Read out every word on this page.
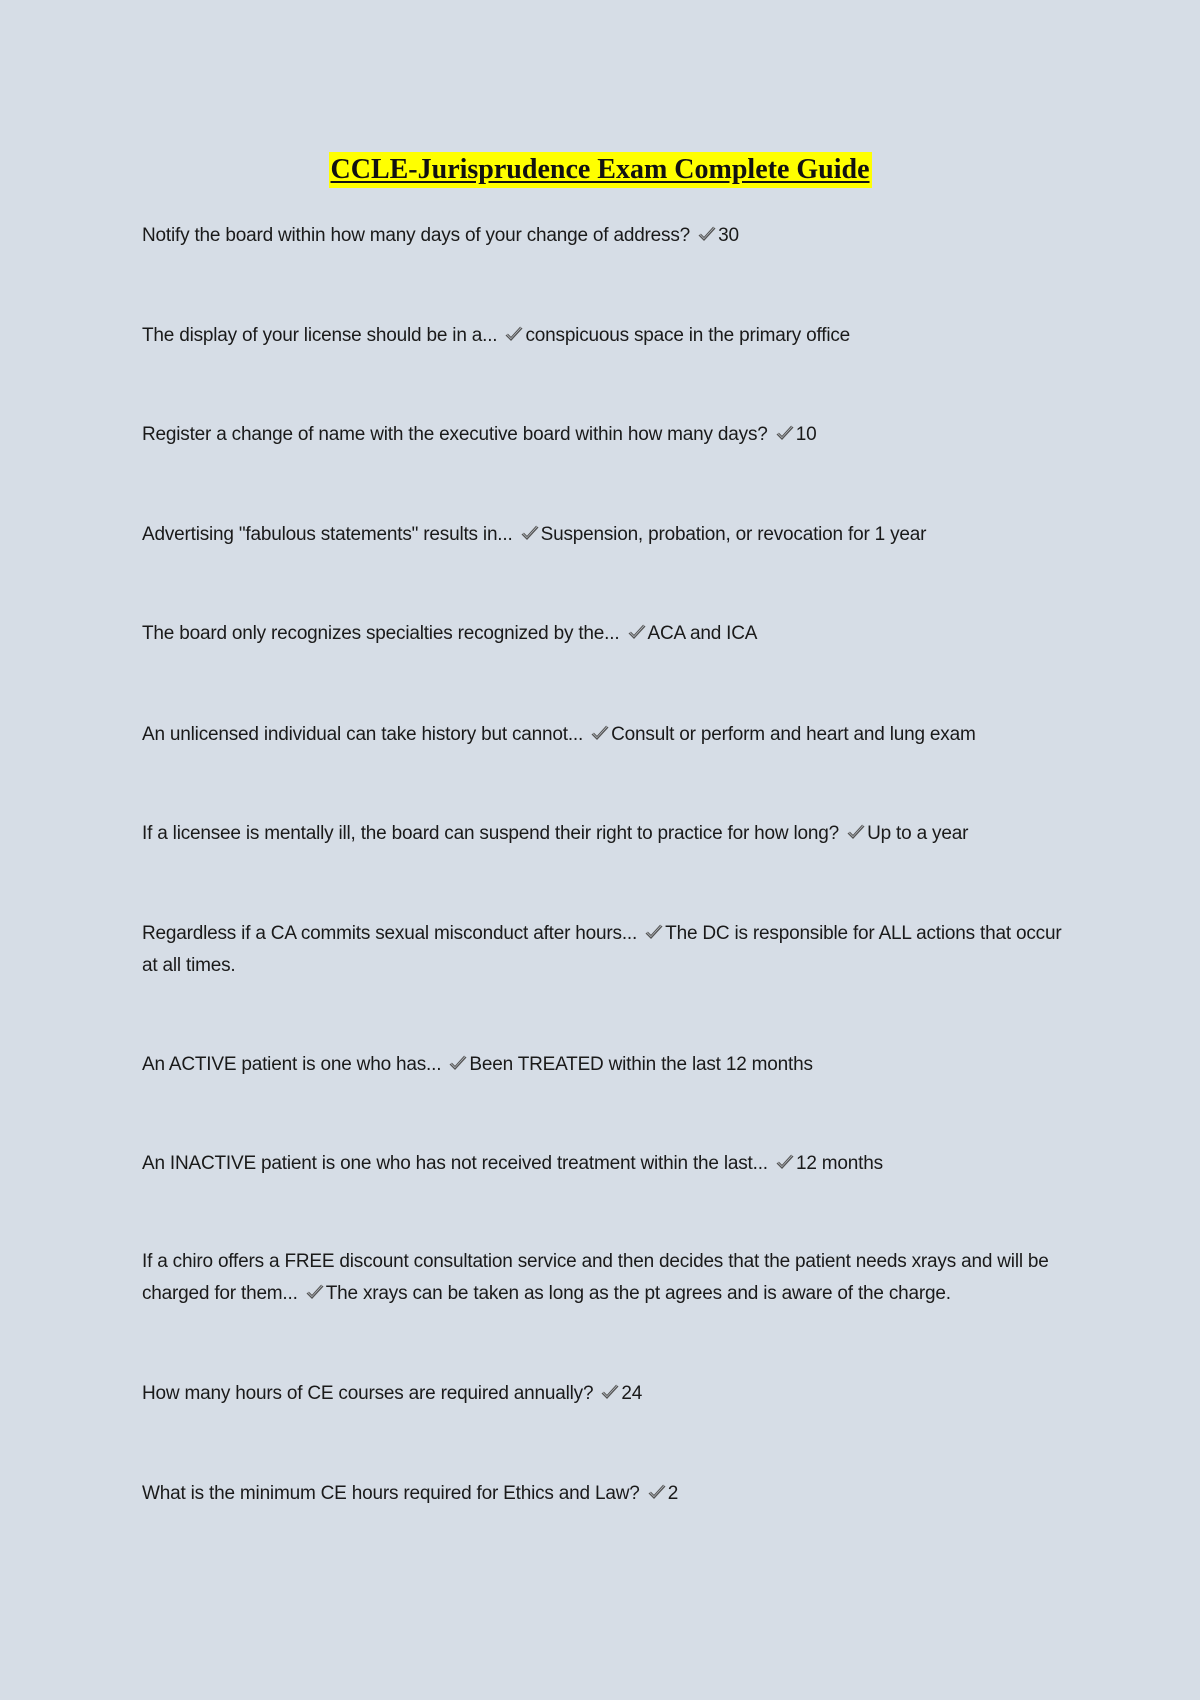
CCLE-Jurisprudence Exam Complete Guide
Notify the board within how many days of your change of address? 30
The display of your license should be in a... conspicuous space in the primary office
Register a change of name with the executive board within how many days? 10
Advertising "fabulous statements" results in... Suspension, probation, or revocation for 1 year
The board only recognizes specialties recognized by the... ACA and ICA
An unlicensed individual can take history but cannot... Consult or perform and heart and lung exam
If a licensee is mentally ill, the board can suspend their right to practice for how long? Up to a year
Regardless if a CA commits sexual misconduct after hours... The DC is responsible for ALL actions that occur at all times.
An ACTIVE patient is one who has... Been TREATED within the last 12 months
An INACTIVE patient is one who has not received treatment within the last... 12 months
If a chiro offers a FREE discount consultation service and then decides that the patient needs xrays and will be charged for them... The xrays can be taken as long as the pt agrees and is aware of the charge.
How many hours of CE courses are required annually? 24
What is the minimum CE hours required for Ethics and Law? 2
